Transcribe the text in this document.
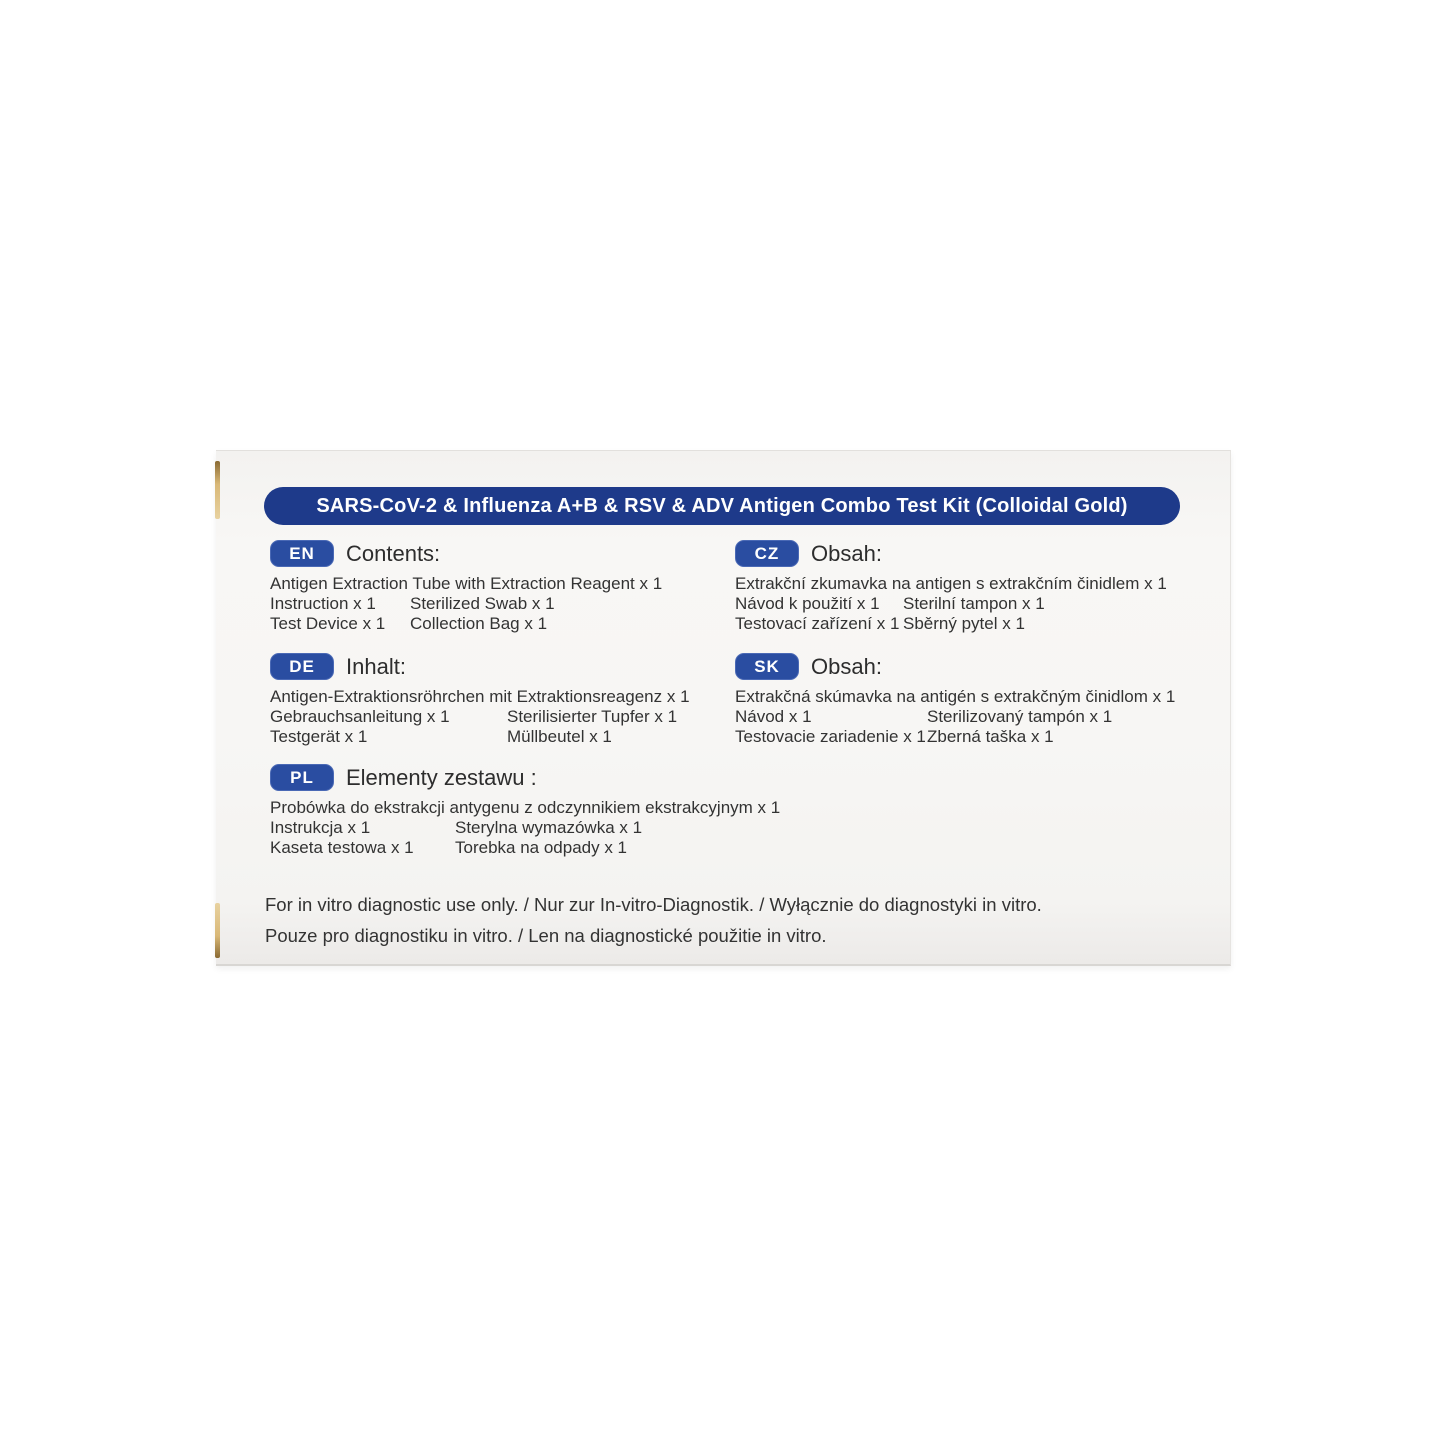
SARS-CoV-2 & Influenza A+B & RSV & ADV Antigen Combo Test Kit (Colloidal Gold)
EN	Contents:
Antigen Extraction Tube with Extraction Reagent x 1
Instruction x 1	Sterilized Swab x 1
Test Device x 1	Collection Bag x 1
CZ	Obsah:
Extrakční zkumavka na antigen s extrakčním činidlem x 1
Návod k použití x 1	Sterilní tampon x 1
Testovací zařízení x 1 Sběrný pytel x 1
DE	Inhalt:
Antigen-Extraktionsröhrchen mit Extraktionsreagenz x 1
Gebrauchsanleitung x 1	Sterilisierter Tupfer x 1
Testgerät x 1	Müllbeutel x 1
SK	Obsah:
Extrakčná skúmavka na antigén s extrakčným činidlom x 1
Návod x 1	Sterilizovaný tampón x 1
Testovacie zariadenie x 1 Zberná taška x 1
PL	Elementy zestawu :
Probówka do ekstrakcji antygenu z odczynnikiem ekstrakcyjnym x 1
Instrukcja x 1	Sterylna wymazówka x 1
Kaseta testowa x 1	Torebka na odpady x 1
For in vitro diagnostic use only. / Nur zur In-vitro-Diagnostik. / Wyłącznie do diagnostyki in vitro.
Pouze pro diagnostiku in vitro. / Len na diagnostické použitie in vitro.
